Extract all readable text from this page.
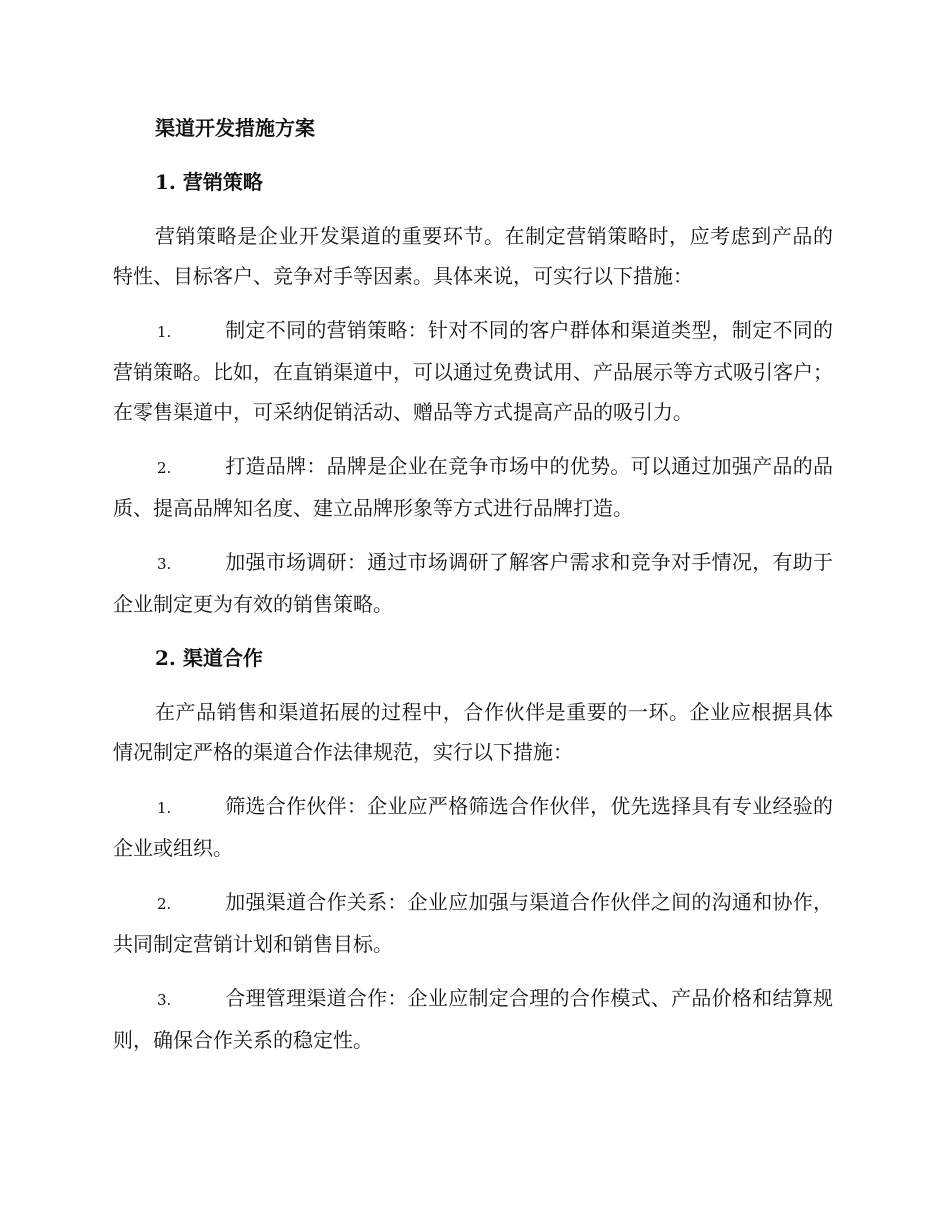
渠道开发措施方案

1. 营销策略

营销策略是企业开发渠道的重要环节。在制定营销策略时，应考虑到产品的特性、目标客户、竞争对手等因素。具体来说，可实行以下措施：

1.	制定不同的营销策略：针对不同的客户群体和渠道类型，制定不同的营销策略。比如，在直销渠道中，可以通过免费试用、产品展示等方式吸引客户；在零售渠道中，可采纳促销活动、赠品等方式提高产品的吸引力。

2.	打造品牌：品牌是企业在竞争市场中的优势。可以通过加强产品的品质、提高品牌知名度、建立品牌形象等方式进行品牌打造。

3.	加强市场调研：通过市场调研了解客户需求和竞争对手情况，有助于企业制定更为有效的销售策略。

2. 渠道合作

在产品销售和渠道拓展的过程中，合作伙伴是重要的一环。企业应根据具体情况制定严格的渠道合作法律规范，实行以下措施：

1.	筛选合作伙伴：企业应严格筛选合作伙伴，优先选择具有专业经验的企业或组织。

2.	加强渠道合作关系：企业应加强与渠道合作伙伴之间的沟通和协作，共同制定营销计划和销售目标。

3.	合理管理渠道合作：企业应制定合理的合作模式、产品价格和结算规则，确保合作关系的稳定性。
